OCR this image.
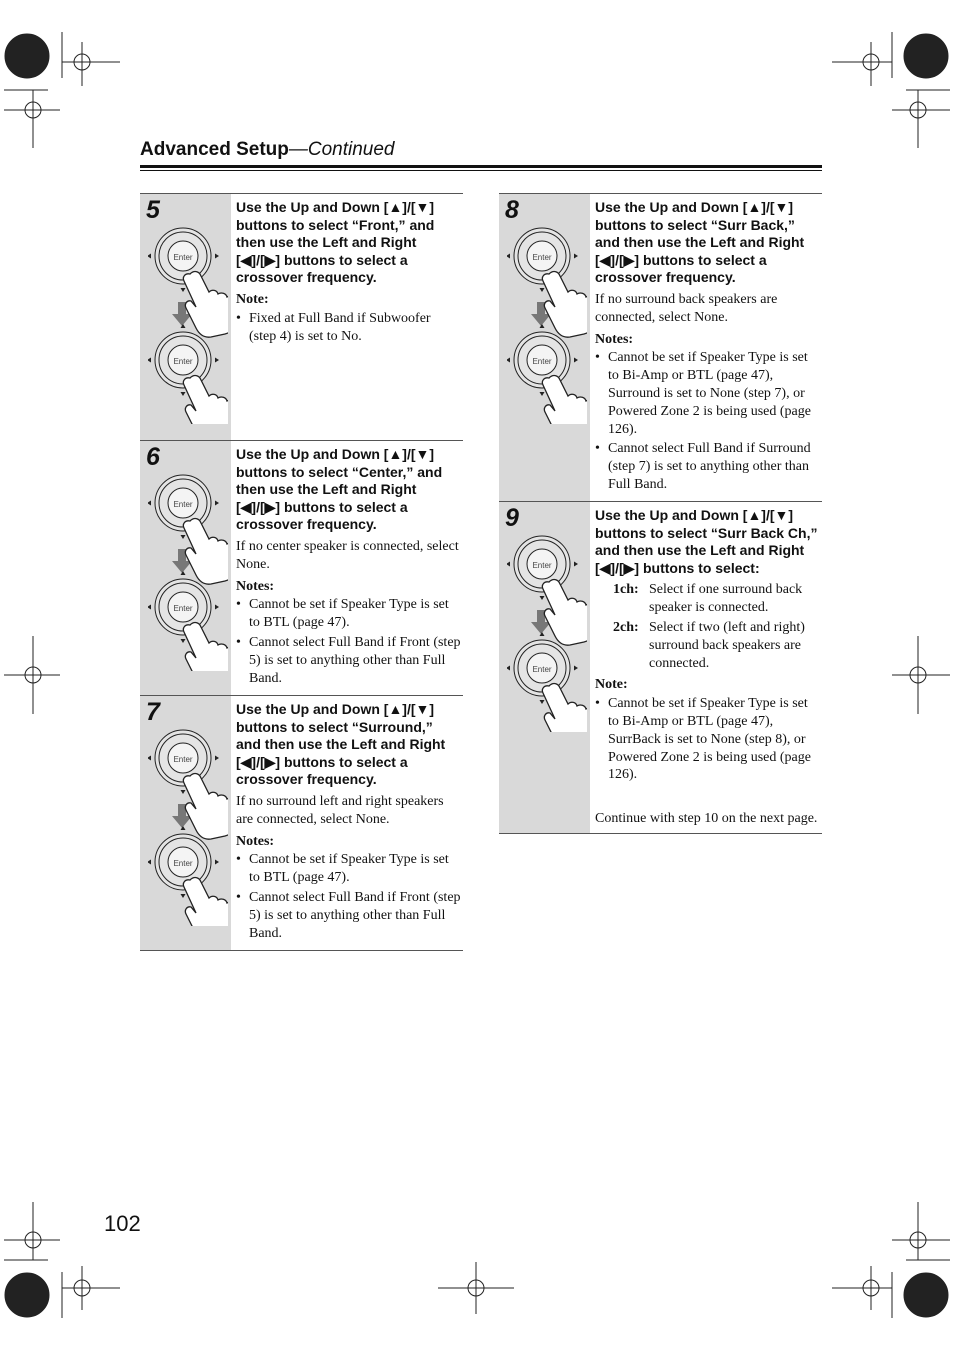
Advanced Setup—Continued
5
Enter
Enter

Use the Up and Down [▲]/[▼] buttons to select “Front,” and then use the Left and Right [◀]/[▶] buttons to select a crossover frequency.

Note:

• Fixed at Full Band if Subwoofer (step 4) is set to No.
6
Enter
Enter

Use the Up and Down [▲]/[▼] buttons to select “Center,” and then use the Left and Right [◀]/[▶] buttons to select a crossover frequency.

If no center speaker is connected, select None.

Notes:

• Cannot be set if Speaker Type is set to BTL (page 47).
• Cannot select Full Band if Front (step 5) is set to anything other than Full Band.
7
Enter
Enter

Use the Up and Down [▲]/[▼] buttons to select “Surround,” and then use the Left and Right [◀]/[▶] buttons to select a crossover frequency.

If no surround left and right speakers are connected, select None.

Notes:

• Cannot be set if Speaker Type is set to BTL (page 47).
• Cannot select Full Band if Front (step 5) is set to anything other than Full Band.
8
Enter
Enter

Use the Up and Down [▲]/[▼] buttons to select “Surr Back,” and then use the Left and Right [◀]/[▶] buttons to select a crossover frequency.

If no surround back speakers are connected, select None.

Notes:

• Cannot be set if Speaker Type is set to Bi-Amp or BTL (page 47), Surround is set to None (step 7), or Powered Zone 2 is being used (page 126).
• Cannot select Full Band if Surround (step 7) is set to anything other than Full Band.
9
Enter
Enter

Use the Up and Down [▲]/[▼] buttons to select “Surr Back Ch,” and then use the Left and Right [◀]/[▶] buttons to select:

1ch: Select if one surround back speaker is connected.
2ch: Select if two (left and right) surround back speakers are connected.

Note:

• Cannot be set if Speaker Type is set to Bi-Amp or BTL (page 47), SurrBack is set to None (step 8), or Powered Zone 2 is being used (page 126).
Continue with step 10 on the next page.
102
